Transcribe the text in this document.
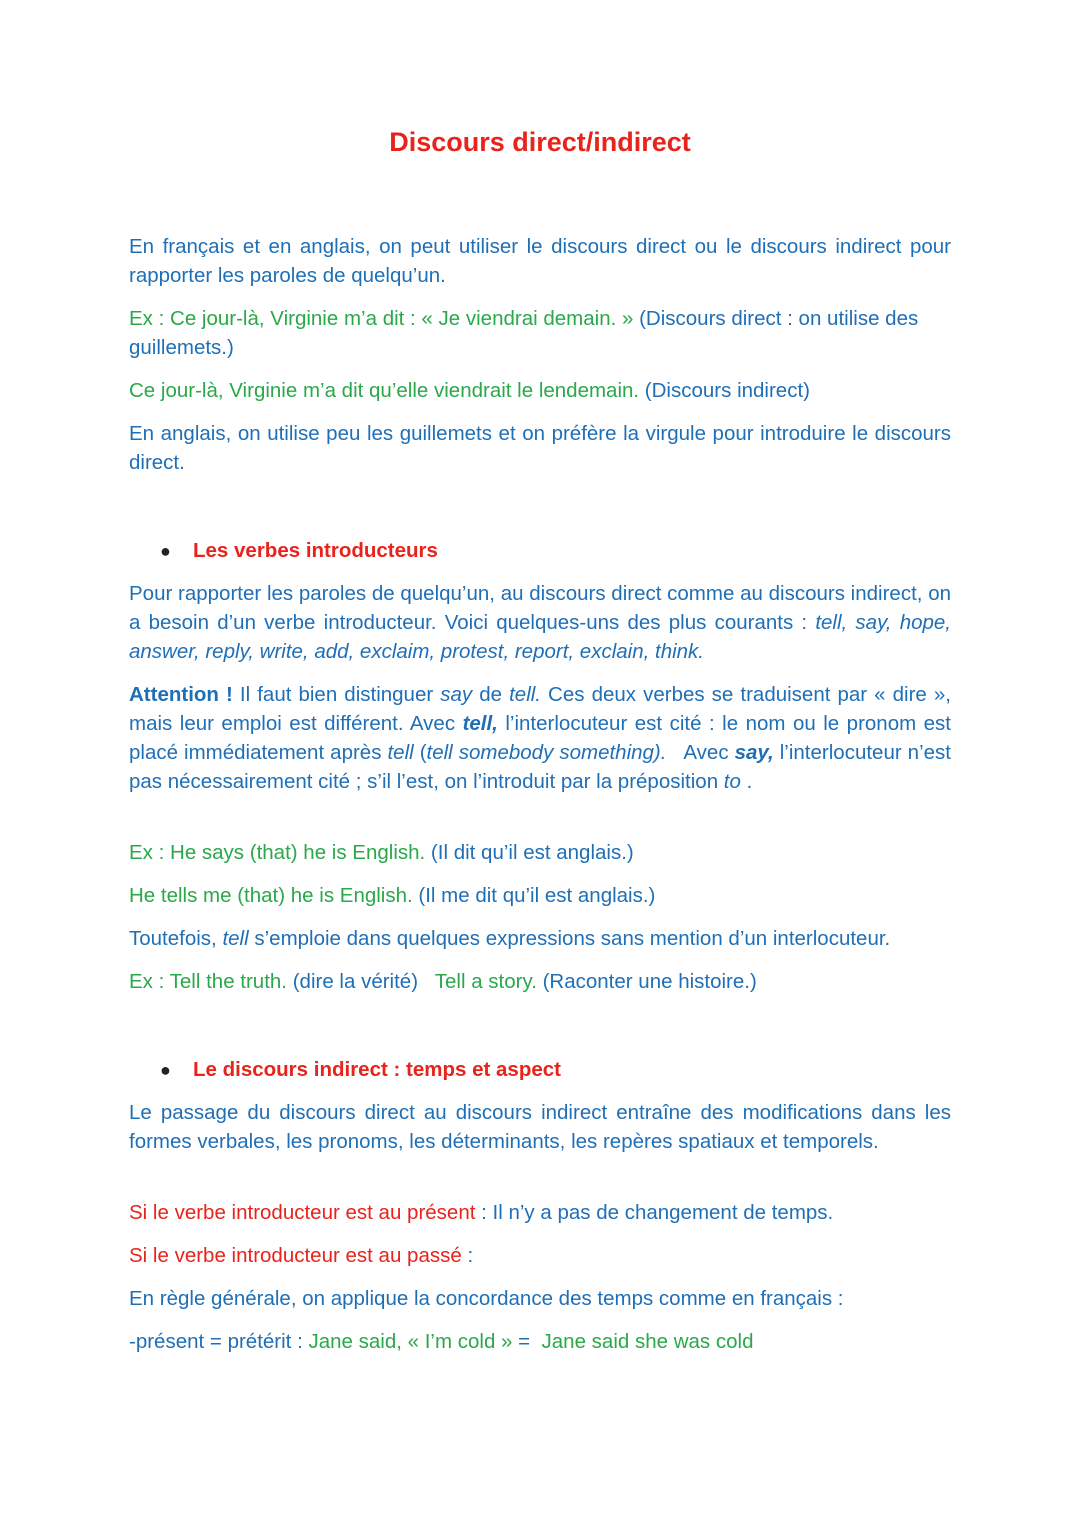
Discours direct/indirect

En français et en anglais, on peut utiliser le discours direct ou le discours indirect pour rapporter les paroles de quelqu’un.

Ex : Ce jour-là, Virginie m’a dit : « Je viendrai demain. » (Discours direct : on utilise des guillemets.)

Ce jour-là, Virginie m’a dit qu’elle viendrait le lendemain. (Discours indirect)

En anglais, on utilise peu les guillemets et on préfère la virgule pour introduire le discours direct.

● Les verbes introducteurs

Pour rapporter les paroles de quelqu’un, au discours direct comme au discours indirect, on a besoin d’un verbe introducteur. Voici quelques-uns des plus courants : tell, say, hope, answer, reply, write, add, exclaim, protest, report, exclain, think.

Attention ! Il faut bien distinguer say de tell. Ces deux verbes se traduisent par « dire », mais leur emploi est différent. Avec tell, l’interlocuteur est cité : le nom ou le pronom est placé immédiatement après tell (tell somebody something).   Avec say, l’interlocuteur n’est pas nécessairement cité ; s’il l’est, on l’introduit par la préposition to .

Ex : He says (that) he is English. (Il dit qu’il est anglais.)

He tells me (that) he is English. (Il me dit qu’il est anglais.)

Toutefois, tell s’emploie dans quelques expressions sans mention d’un interlocuteur.

Ex : Tell the truth. (dire la vérité)   Tell a story. (Raconter une histoire.)

● Le discours indirect : temps et aspect

Le passage du discours direct au discours indirect entraîne des modifications dans les formes verbales, les pronoms, les déterminants, les repères spatiaux et temporels.

Si le verbe introducteur est au présent : Il n’y a pas de changement de temps.

Si le verbe introducteur est au passé :

En règle générale, on applique la concordance des temps comme en français :

-présent = prétérit : Jane said, « I’m cold » =  Jane said she was cold
